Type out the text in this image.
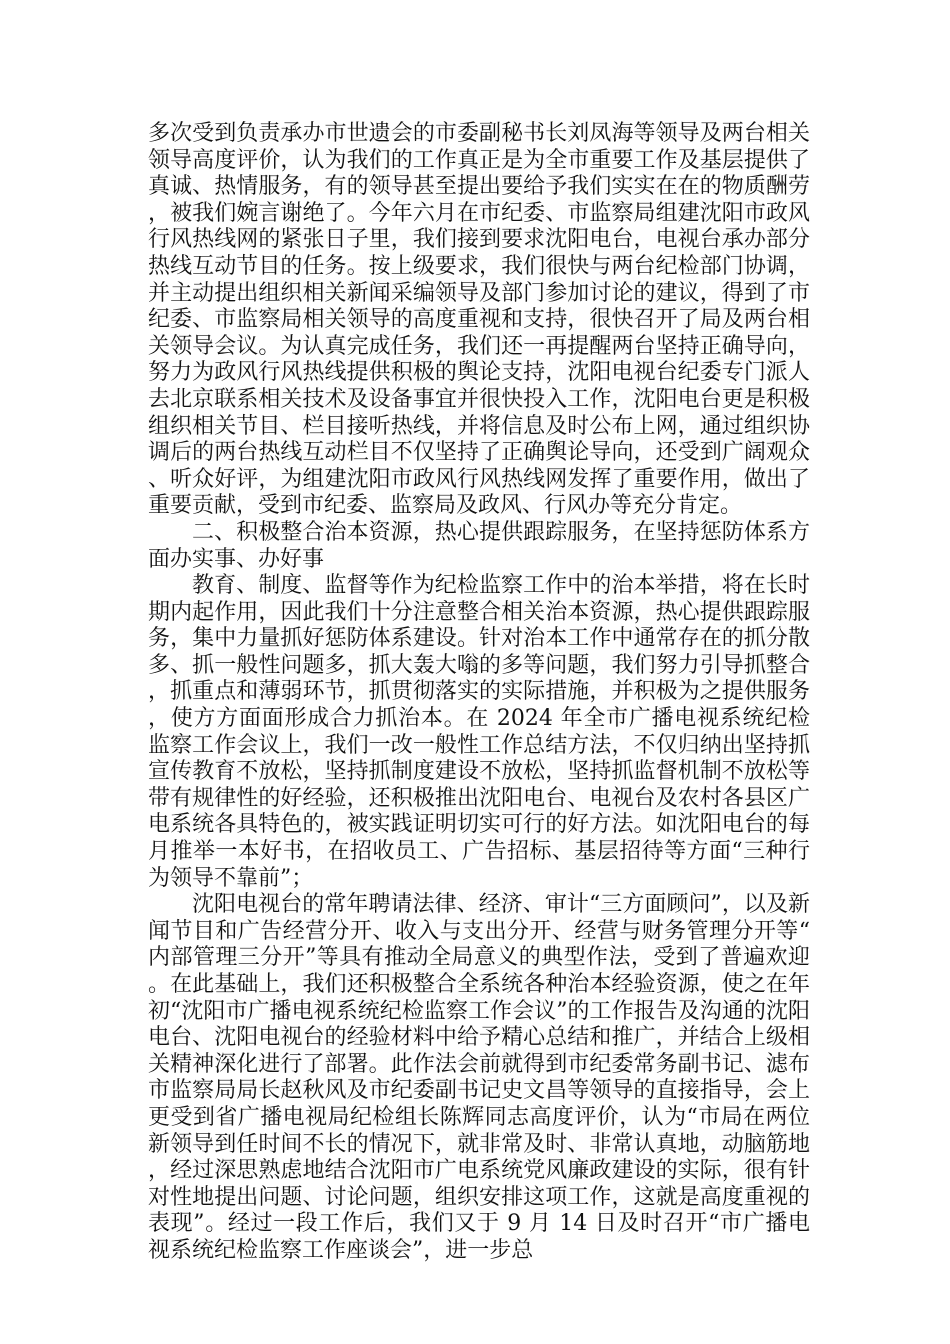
多次受到负责承办市世遗会的市委副秘书长刘凤海等领导及两台相关领导高度评价，认为我们的工作真正是为全市重要工作及基层提供了真诚、热情服务，有的领导甚至提出要给予我们实实在在的物质酬劳，被我们婉言谢绝了。今年六月在市纪委、市监察局组建沈阳市政风行风热线网的紧张日子里，我们接到要求沈阳电台，电视台承办部分热线互动节目的任务。按上级要求，我们很快与两台纪检部门协调，并主动提出组织相关新闻采编领导及部门参加讨论的建议，得到了市纪委、市监察局相关领导的高度重视和支持，很快召开了局及两台相关领导会议。为认真完成任务，我们还一再提醒两台坚持正确导向，努力为政风行风热线提供积极的舆论支持，沈阳电视台纪委专门派人去北京联系相关技术及设备事宜并很快投入工作，沈阳电台更是积极组织相关节目、栏目接听热线，并将信息及时公布上网，通过组织协调后的两台热线互动栏目不仅坚持了正确舆论导向，还受到广阔观众、听众好评，为组建沈阳市政风行风热线网发挥了重要作用，做出了重要贡献，受到市纪委、监察局及政风、行风办等充分肯定。

二、积极整合治本资源，热心提供跟踪服务，在坚持惩防体系方面办实事、办好事

教育、制度、监督等作为纪检监察工作中的治本举措，将在长时期内起作用，因此我们十分注意整合相关治本资源，热心提供跟踪服务，集中力量抓好惩防体系建设。针对治本工作中通常存在的抓分散多、抓一般性问题多，抓大轰大嗡的多等问题，我们努力引导抓整合，抓重点和薄弱环节，抓贯彻落实的实际措施，并积极为之提供服务，使方方面面形成合力抓治本。在 2024 年全市广播电视系统纪检监察工作会议上，我们一改一般性工作总结方法，不仅归纳出坚持抓宣传教育不放松，坚持抓制度建设不放松，坚持抓监督机制不放松等带有规律性的好经验，还积极推出沈阳电台、电视台及农村各县区广电系统各具特色的，被实践证明切实可行的好方法。如沈阳电台的每月推举一本好书，在招收员工、广告招标、基层招待等方面“三种行为领导不靠前”；

沈阳电视台的常年聘请法律、经济、审计“三方面顾问”，以及新闻节目和广告经营分开、收入与支出分开、经营与财务管理分开等“内部管理三分开”等具有推动全局意义的典型作法，受到了普遍欢迎。在此基础上，我们还积极整合全系统各种治本经验资源，使之在年初“沈阳市广播电视系统纪检监察工作会议”的工作报告及沟通的沈阳电台、沈阳电视台的经验材料中给予精心总结和推广，并结合上级相关精神深化进行了部署。此作法会前就得到市纪委常务副书记、滤布市监察局局长赵秋风及市纪委副书记史文昌等领导的直接指导，会上更受到省广播电视局纪检组长陈辉同志高度评价，认为“市局在两位新领导到任时间不长的情况下，就非常及时、非常认真地，动脑筋地，经过深思熟虑地结合沈阳市广电系统党风廉政建设的实际，很有针对性地提出问题、讨论问题，组织安排这项工作，这就是高度重视的表现”。经过一段工作后，我们又于 9 月 14 日及时召开“市广播电视系统纪检监察工作座谈会”，进一步总
